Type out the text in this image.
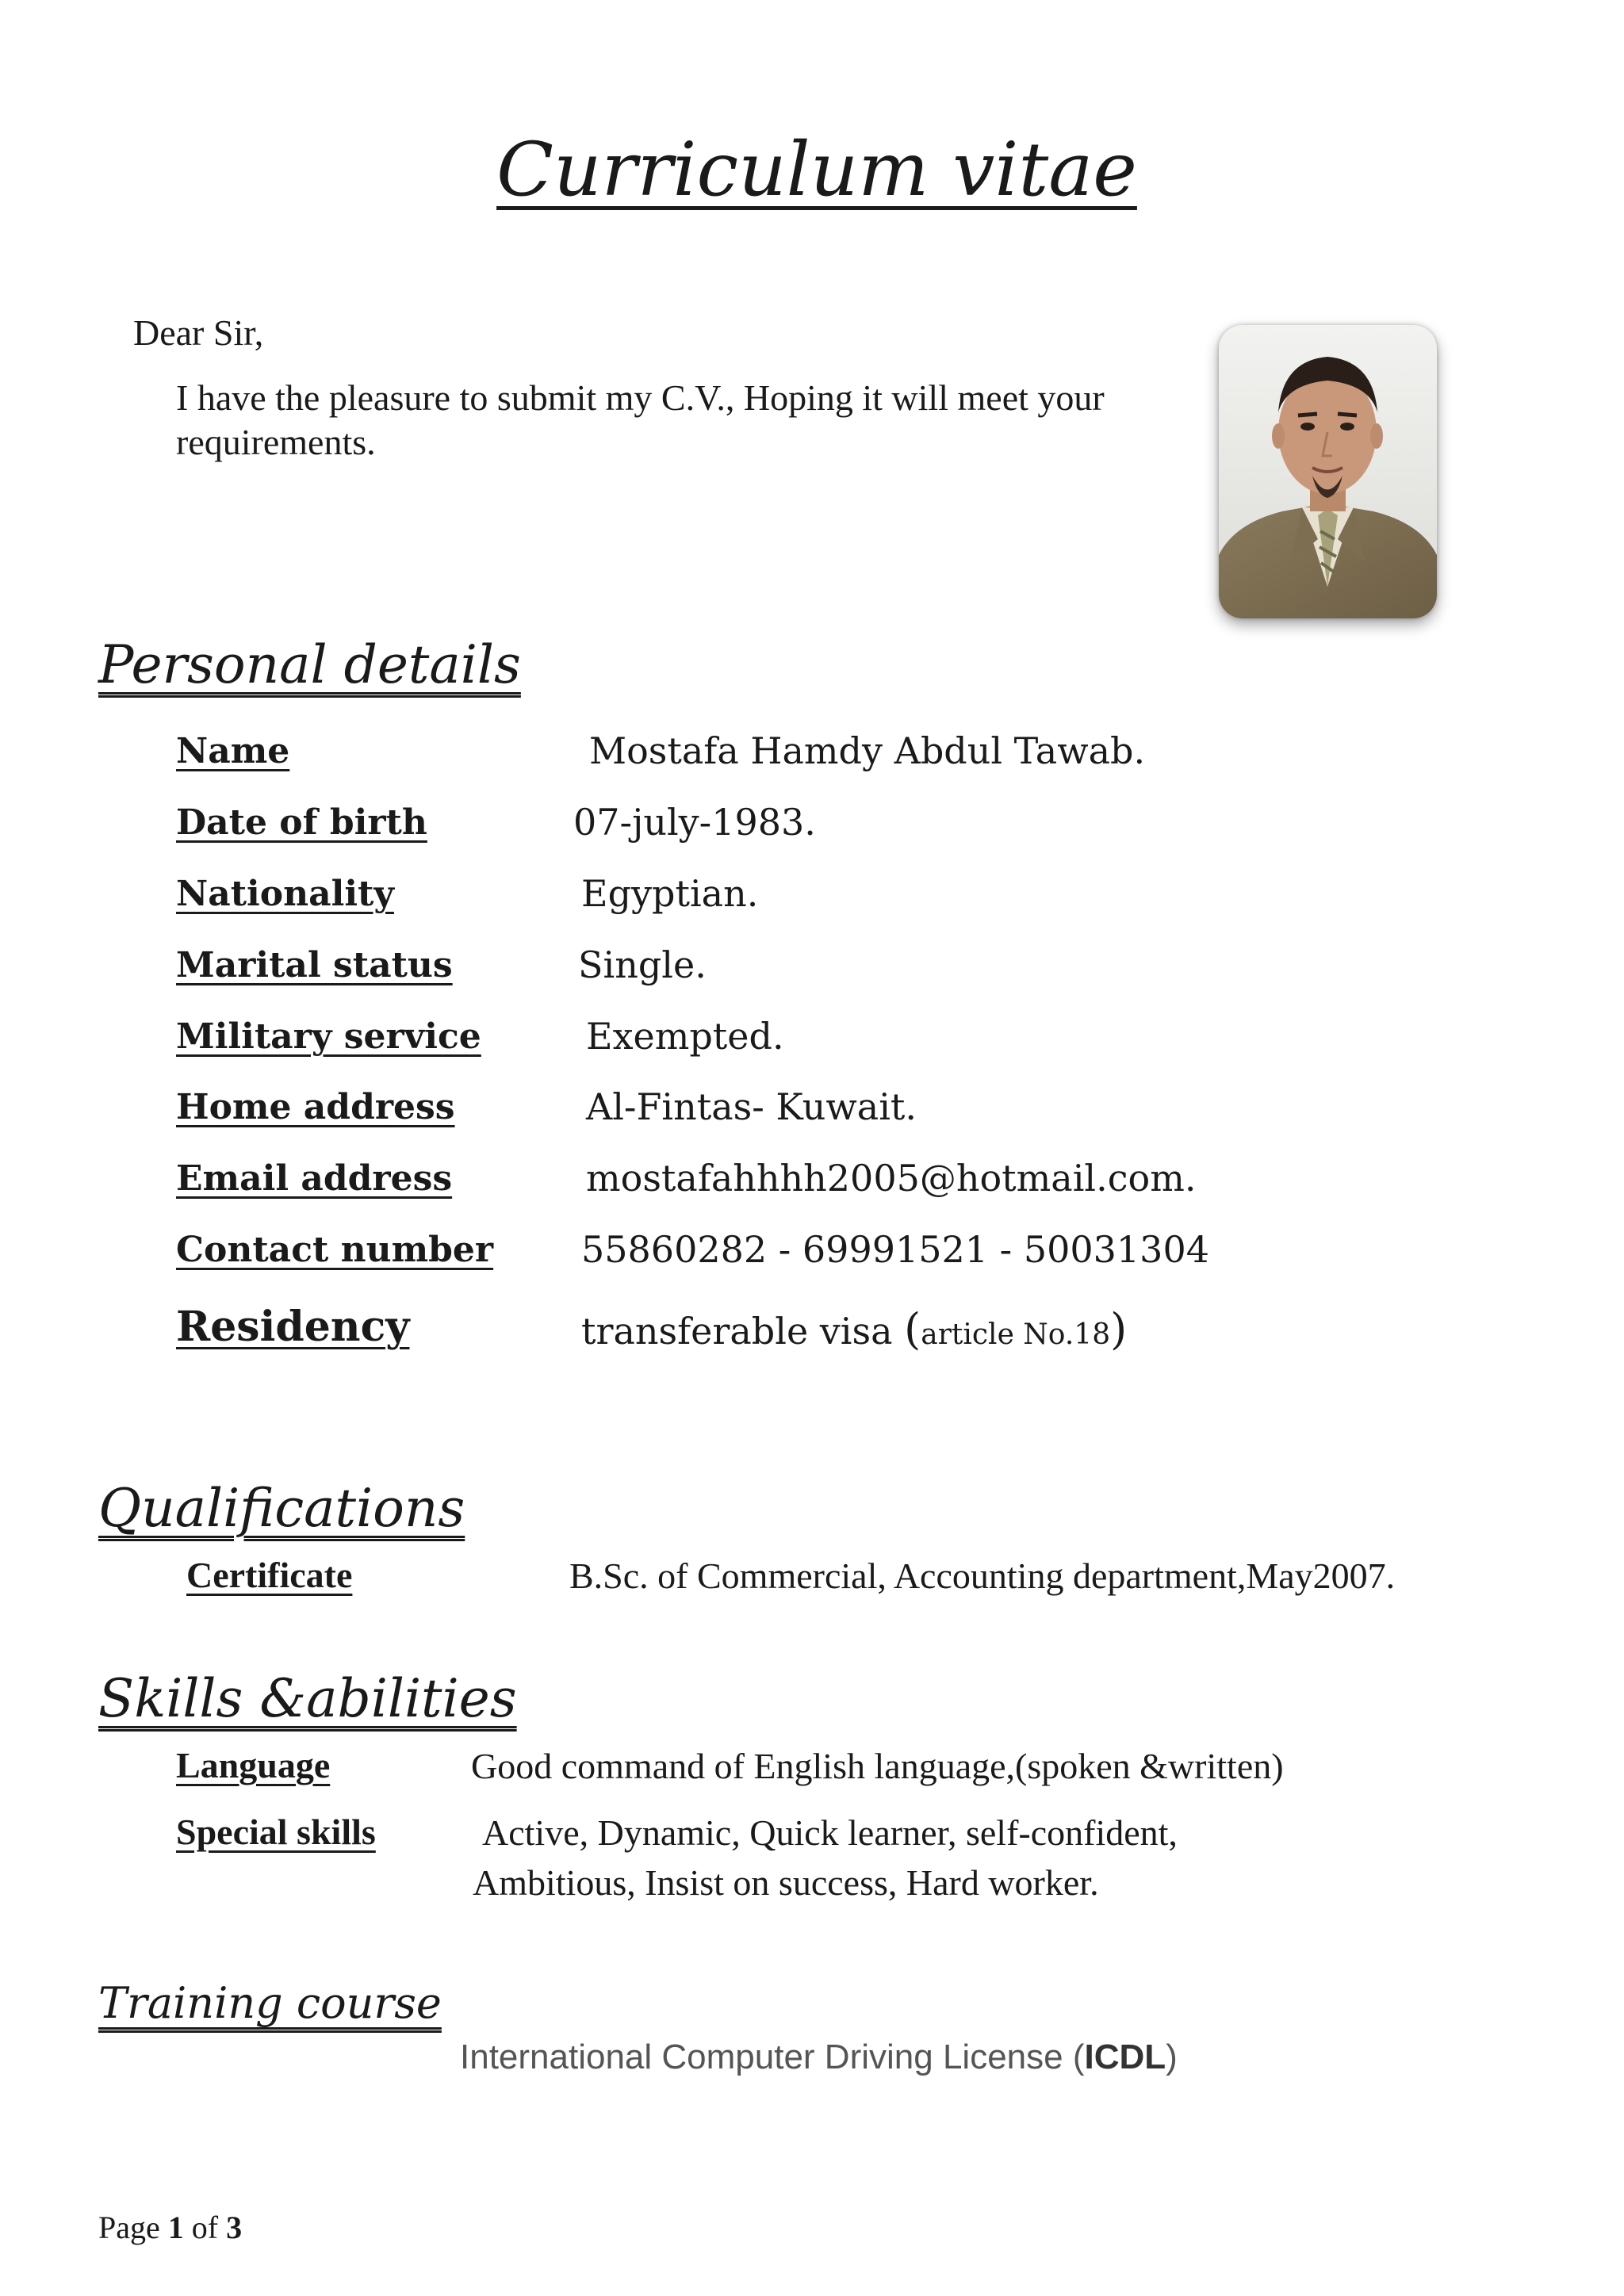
Curriculum vitae
Dear Sir,
I have the pleasure to submit my C.V., Hoping it will meet your
requirements.
Personal details
Name	Mostafa Hamdy Abdul Tawab.
Date of birth	07-july-1983.
Nationality	Egyptian.
Marital status	Single.
Military service	Exempted.
Home address	Al-Fintas- Kuwait.
Email address	mostafahhhh2005@hotmail.com.
Contact number 55860282 - 69991521 - 50031304
Residency	transferable visa (article No.18)
Qualifications
Certificate	B.Sc. of Commercial, Accounting department,May2007.
Skills &abilities
Language	Good command of English language,(spoken &written)
Special skills	Active, Dynamic, Quick learner, self-confident,
Ambitious, Insist on success, Hard worker.
Training course
International Computer Driving License (ICDL)
Page 1 of 3
